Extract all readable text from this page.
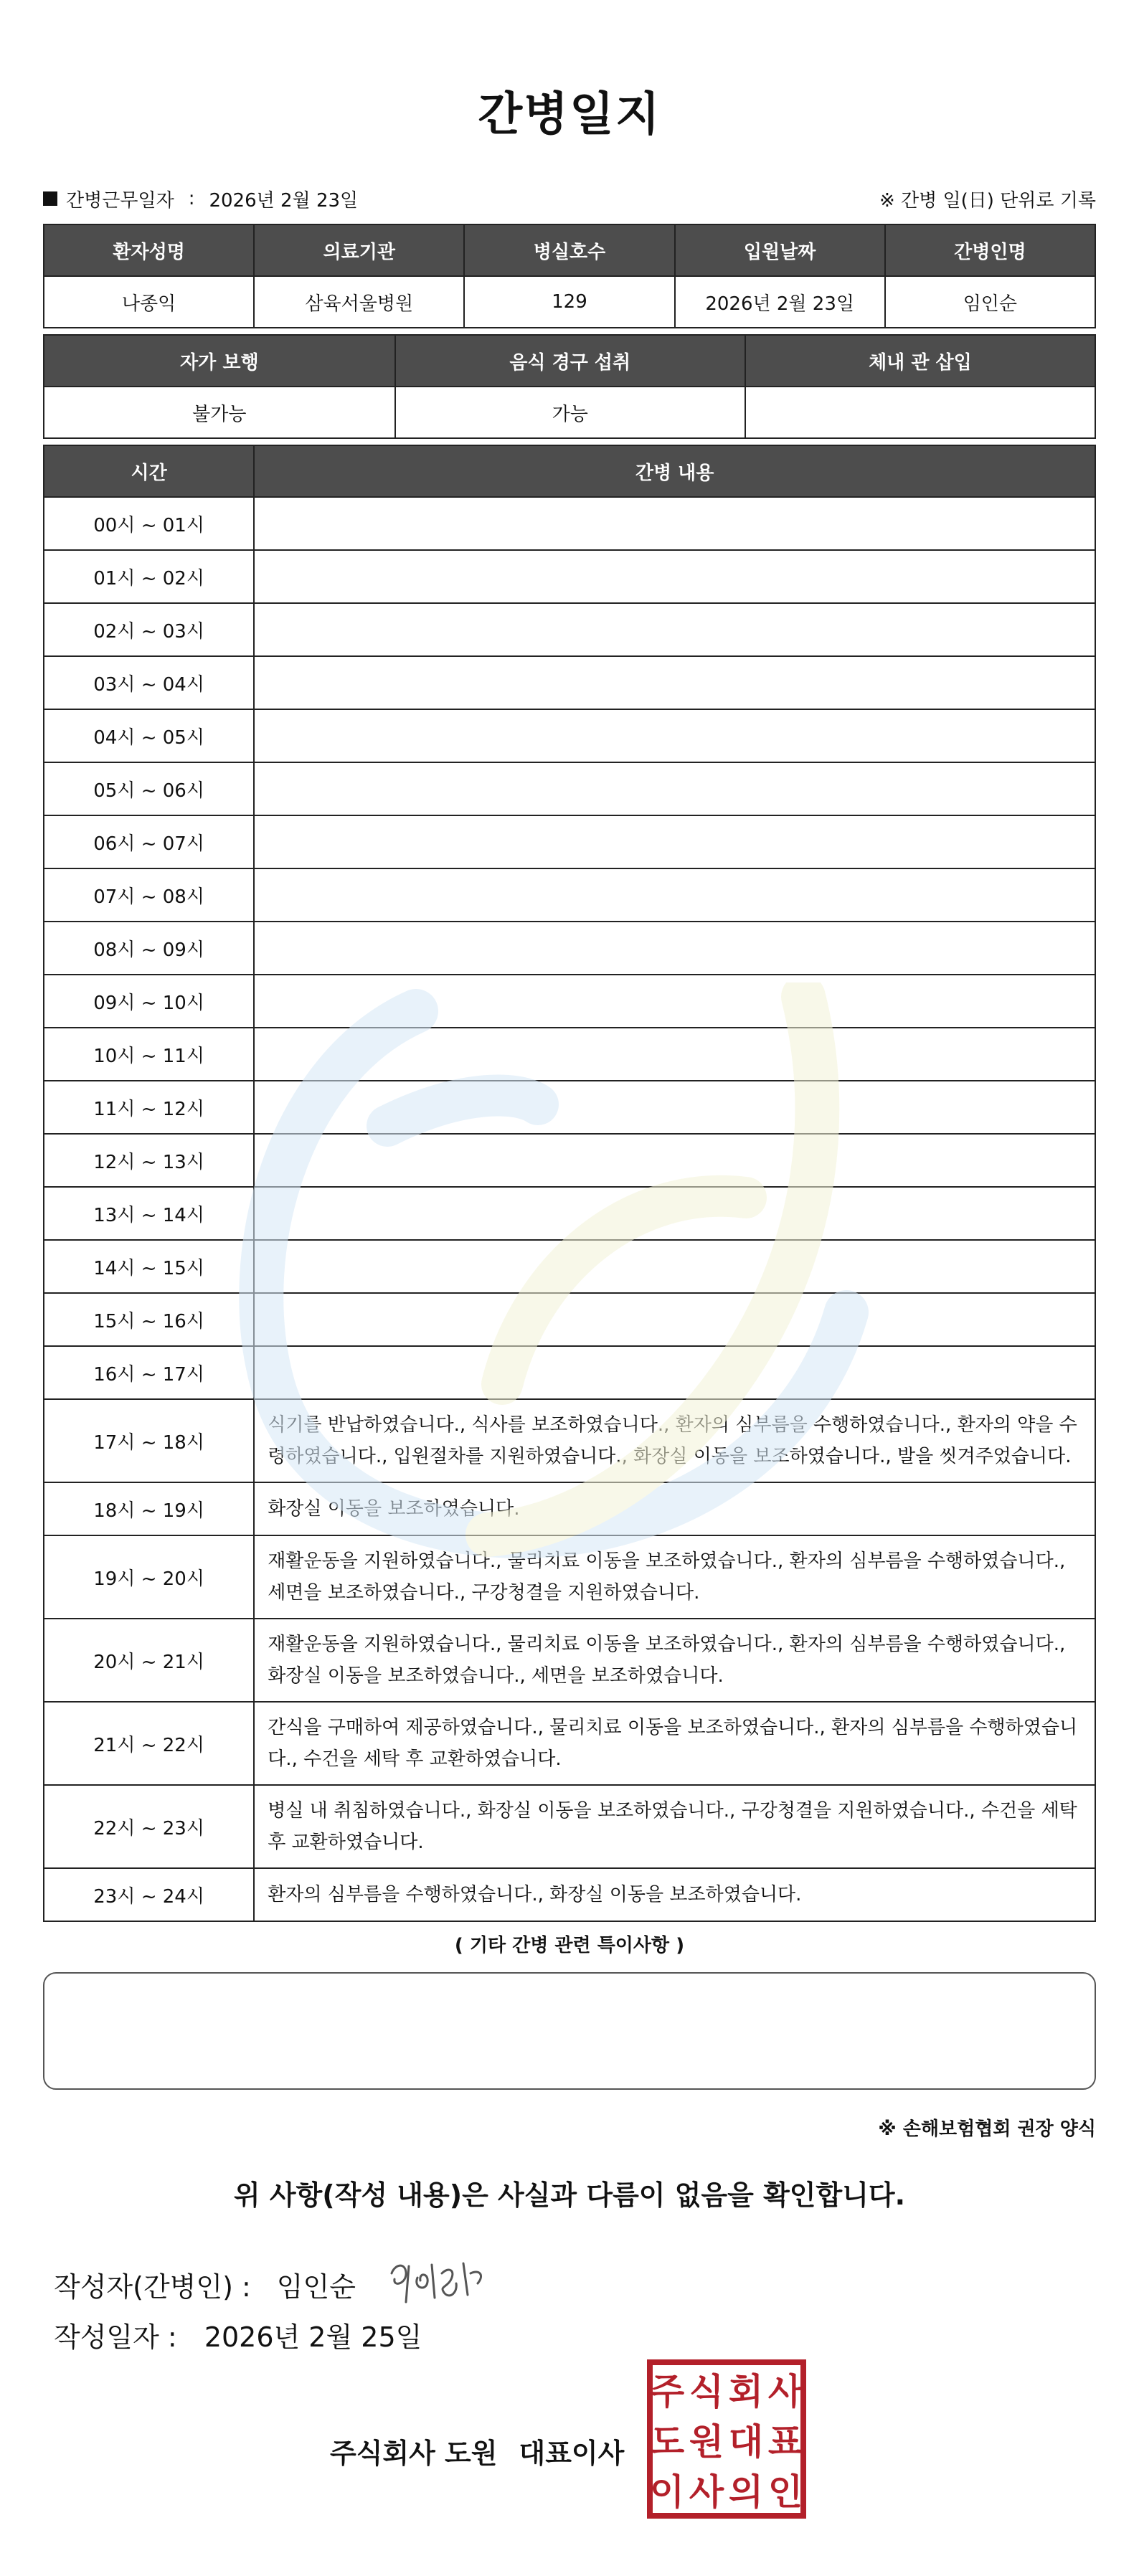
간병일지
간병근무일자 : 2026년 2월 23일	※ 간병 일(日) 단위로 기록
환자성명	의료기관	병실호수	입원날짜	간병인명
나종익	삼육서울병원	129	2026년 2월 23일	임인순
자가 보행	음식 경구 섭취	체내 관 삽입
불가능	가능	
시간	간병 내용
00시 ~ 01시	
01시 ~ 02시	
02시 ~ 03시	
03시 ~ 04시	
04시 ~ 05시	
05시 ~ 06시	
06시 ~ 07시	
07시 ~ 08시	
08시 ~ 09시	
09시 ~ 10시	
10시 ~ 11시	
11시 ~ 12시	
12시 ~ 13시	
13시 ~ 14시	
14시 ~ 15시	
15시 ~ 16시	
16시 ~ 17시	
17시 ~ 18시	식기를 반납하였습니다., 식사를 보조하였습니다., 환자의 심부름을 수행하였습니다., 환자의 약을 수령하였습니다., 입원절차를 지원하였습니다., 화장실 이동을 보조하였습니다., 발을 씻겨주었습니다.
18시 ~ 19시	화장실 이동을 보조하였습니다.
19시 ~ 20시	재활운동을 지원하였습니다., 물리치료 이동을 보조하였습니다., 환자의 심부름을 수행하였습니다., 세면을 보조하였습니다., 구강청결을 지원하였습니다.
20시 ~ 21시	재활운동을 지원하였습니다., 물리치료 이동을 보조하였습니다., 환자의 심부름을 수행하였습니다., 화장실 이동을 보조하였습니다., 세면을 보조하였습니다.
21시 ~ 22시	간식을 구매하여 제공하였습니다., 물리치료 이동을 보조하였습니다., 환자의 심부름을 수행하였습니다., 수건을 세탁 후 교환하였습니다.
22시 ~ 23시	병실 내 취침하였습니다., 화장실 이동을 보조하였습니다., 구강청결을 지원하였습니다., 수건을 세탁 후 교환하였습니다.
23시 ~ 24시	환자의 심부름을 수행하였습니다., 화장실 이동을 보조하였습니다.
( 기타 간병 관련 특이사항 )
※ 손해보험협회 권장 양식
위 사항(작성 내용)은 사실과 다름이 없음을 확인합니다.
작성자(간병인) : 임인순
작성일자 : 2026년 2월 25일
주식회사 도원 대표이사
주 식 회 사
도 원 대 표
이 사 의 인
